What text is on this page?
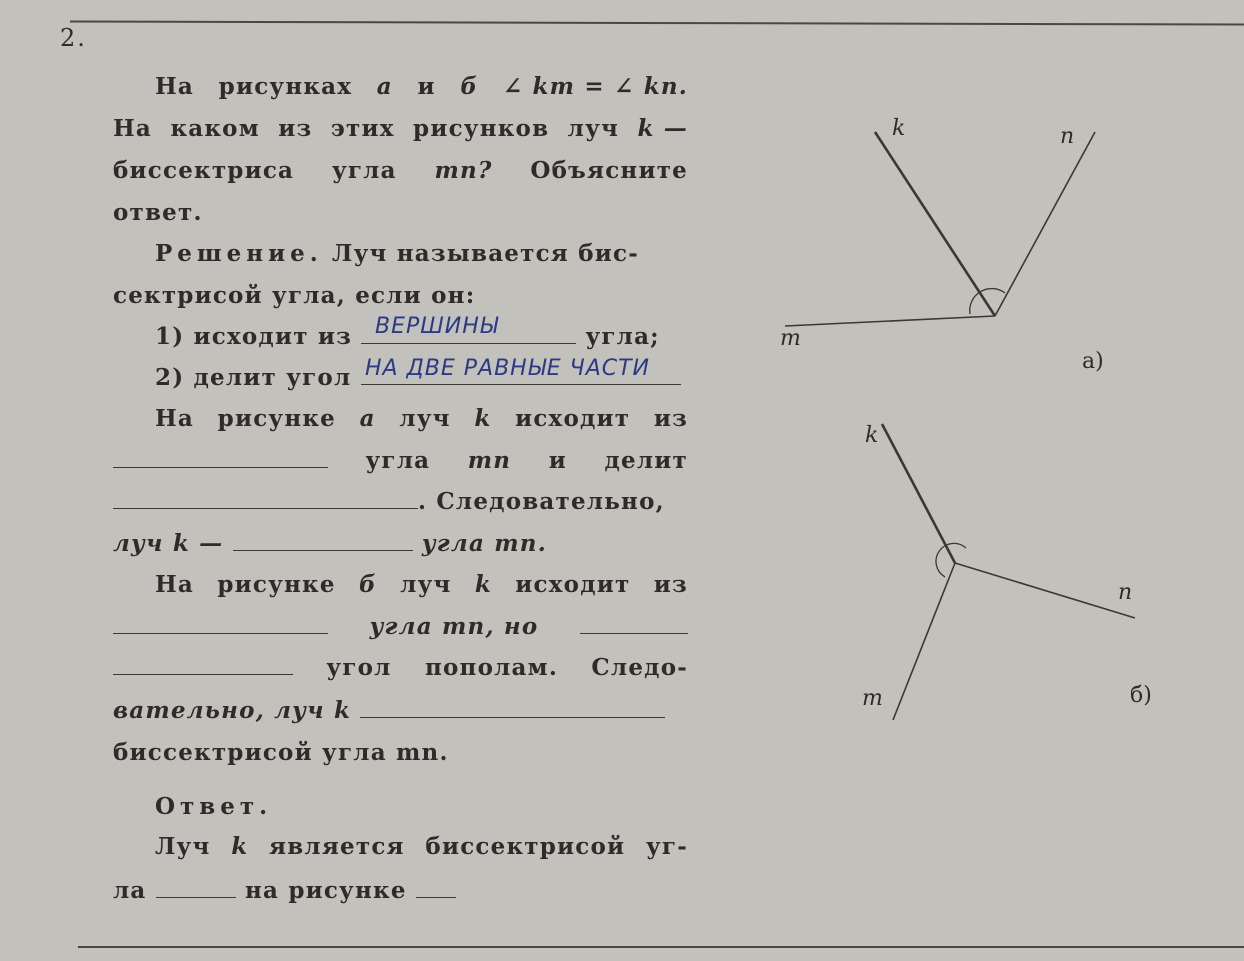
2.
На рисунках а и б ∠ km = ∠ kn.
На каком из этих рисунков луч k —
биссектриса угла mn? Объясните
ответ.
Решение. Луч называется бис-
сектрисой угла, если он:
1) исходит из	угла;
2) делит угол
На рисунке а луч k исходит из
угла mn и делит
. Следовательно,
луч k —	угла mn.
На рисунке б луч k исходит из
угла mn, но
угол пополам. Следо-
вательно, луч k
биссектрисой угла mn.
Ответ.
Луч k является биссектрисой уг-
ла	на рисунке
ВЕРШИНЫ
НА ДВЕ РАВНЫЕ ЧАСТИ
k	n
m
а)
k
n
m	б)
